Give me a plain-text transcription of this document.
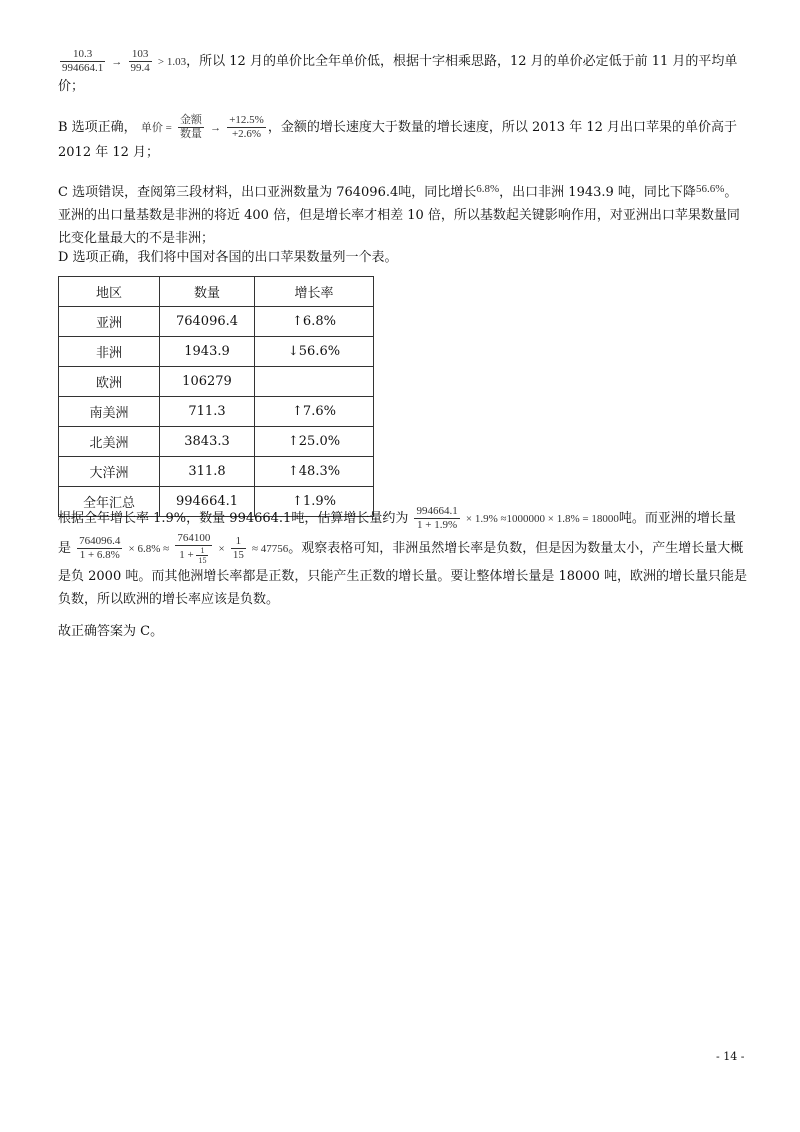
$\frac{10.3}{994664.1} \to \frac{103}{99.4} > 1.03$，所以 12 月的单价比全年单价低，根据十字相乘思路，12 月的单价必定低于前 11 月的平均单价；
B 选项正确， 单价 = $\frac{\text{金额}}{\text{数量}} \to \frac{+12.5\%}{+2.6\%}$ ，金额的增长速度大于数量的增长速度，所以 2013 年 12 月出口苹果的单价高于 2012 年 12 月；
C 选项错误，查阅第三段材料，出口亚洲数量为 764096.4吨，同比增长$^{6.8\%}$，出口非洲 1943.9 吨，同比下降$^{56.6\%}$。亚洲的出口量基数是非洲的将近 400 倍，但是增长率才相差 10 倍，所以基数起关键影响作用，对亚洲出口苹果数量同比变化量最大的不是非洲；
D 选项正确，我们将中国对各国的出口苹果数量列一个表。
地区	数量	增长率
亚洲	764096.4	↑6.8%
非洲	1943.9	↓56.6%
欧洲	106279	
南美洲	711.3	↑7.6%
北美洲	3843.3	↑25.0%
大洋洲	311.8	↑48.3%
全年汇总	994664.1	↑1.9%
根据全年增长率 1.9%，数量 994664.1吨，估算增长量约为 $\frac{994664.1}{1 + 1.9\%} \times 1.9\% \approx 1000000 \times 1.8\% = 18000$吨。而亚洲的增长量是 $\frac{764096.4}{1 + 6.8\%} \times 6.8\% \approx \frac{764100}{1 + \frac{1}{15}} \times \frac{1}{15} \approx 47756$。观察表格可知，非洲虽然增长率是负数，但是因为数量太小，产生增长量大概是负 2000 吨。而其他洲增长率都是正数，只能产生正数的增长量。要让整体增长量是 18000 吨，欧洲的增长量只能是负数，所以欧洲的增长率应该是负数。
故正确答案为 C。
- 14 -
